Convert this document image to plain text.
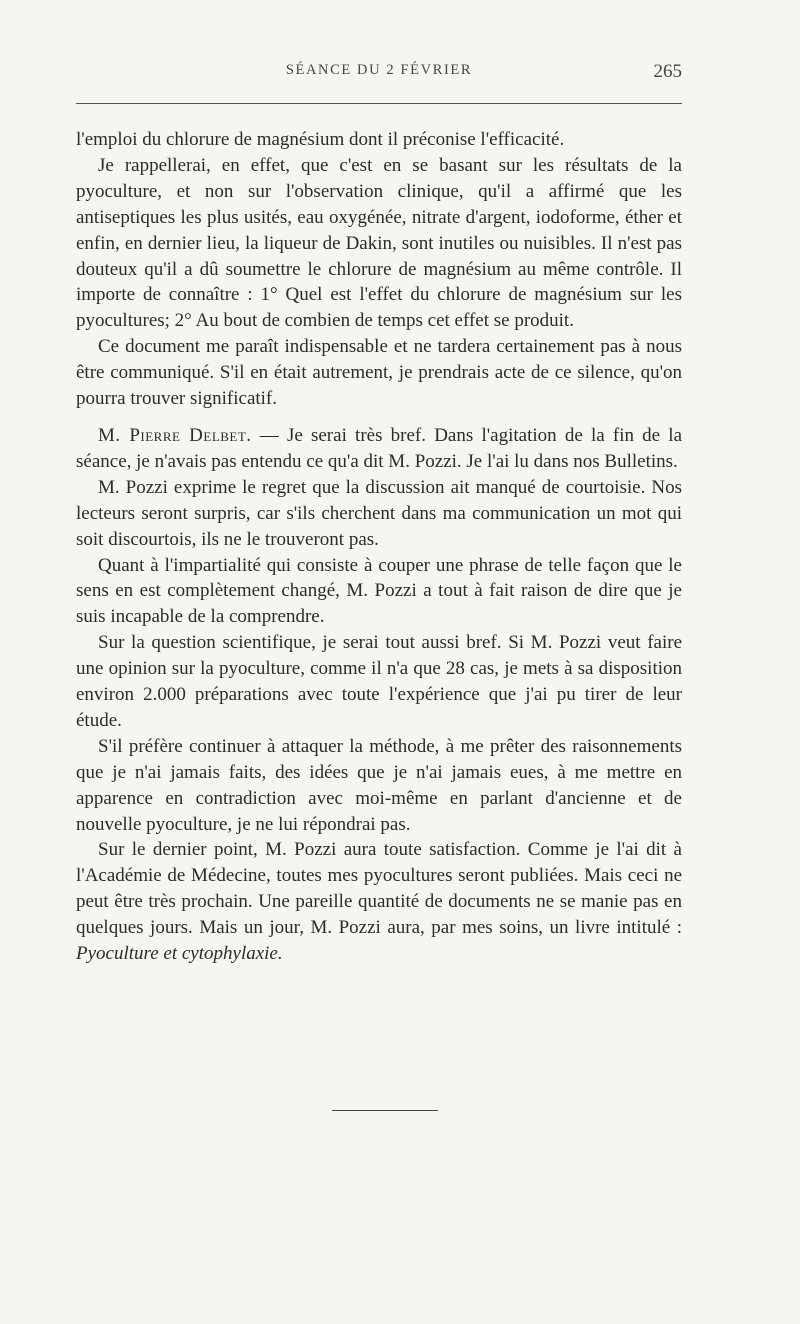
SÉANCE DU 2 FÉVRIER	265

l'emploi du chlorure de magnésium dont il préconise l'efficacité.

Je rappellerai, en effet, que c'est en se basant sur les résultats de la pyoculture, et non sur l'observation clinique, qu'il a affirmé que les antiseptiques les plus usités, eau oxygénée, nitrate d'argent, iodoforme, éther et enfin, en dernier lieu, la liqueur de Dakin, sont inutiles ou nuisibles. Il n'est pas douteux qu'il a dû soumettre le chlorure de magnésium au même contrôle. Il importe de connaître : 1° Quel est l'effet du chlorure de magnésium sur les pyocultures; 2° Au bout de combien de temps cet effet se produit.

Ce document me paraît indispensable et ne tardera certainement pas à nous être communiqué. S'il en était autrement, je prendrais acte de ce silence, qu'on pourra trouver significatif.

M. Pierre Delbet. — Je serai très bref. Dans l'agitation de la fin de la séance, je n'avais pas entendu ce qu'a dit M. Pozzi. Je l'ai lu dans nos Bulletins.

M. Pozzi exprime le regret que la discussion ait manqué de courtoisie. Nos lecteurs seront surpris, car s'ils cherchent dans ma communication un mot qui soit discourtois, ils ne le trouveront pas.

Quant à l'impartialité qui consiste à couper une phrase de telle façon que le sens en est complètement changé, M. Pozzi a tout à fait raison de dire que je suis incapable de la comprendre.

Sur la question scientifique, je serai tout aussi bref. Si M. Pozzi veut faire une opinion sur la pyoculture, comme il n'a que 28 cas, je mets à sa disposition environ 2.000 préparations avec toute l'expérience que j'ai pu tirer de leur étude.

S'il préfère continuer à attaquer la méthode, à me prêter des raisonnements que je n'ai jamais faits, des idées que je n'ai jamais eues, à me mettre en apparence en contradiction avec moi-même en parlant d'ancienne et de nouvelle pyoculture, je ne lui répondrai pas.

Sur le dernier point, M. Pozzi aura toute satisfaction. Comme je l'ai dit à l'Académie de Médecine, toutes mes pyocultures seront publiées. Mais ceci ne peut être très prochain. Une pareille quantité de documents ne se manie pas en quelques jours. Mais un jour, M. Pozzi aura, par mes soins, un livre intitulé : Pyoculture et cytophylaxie.
